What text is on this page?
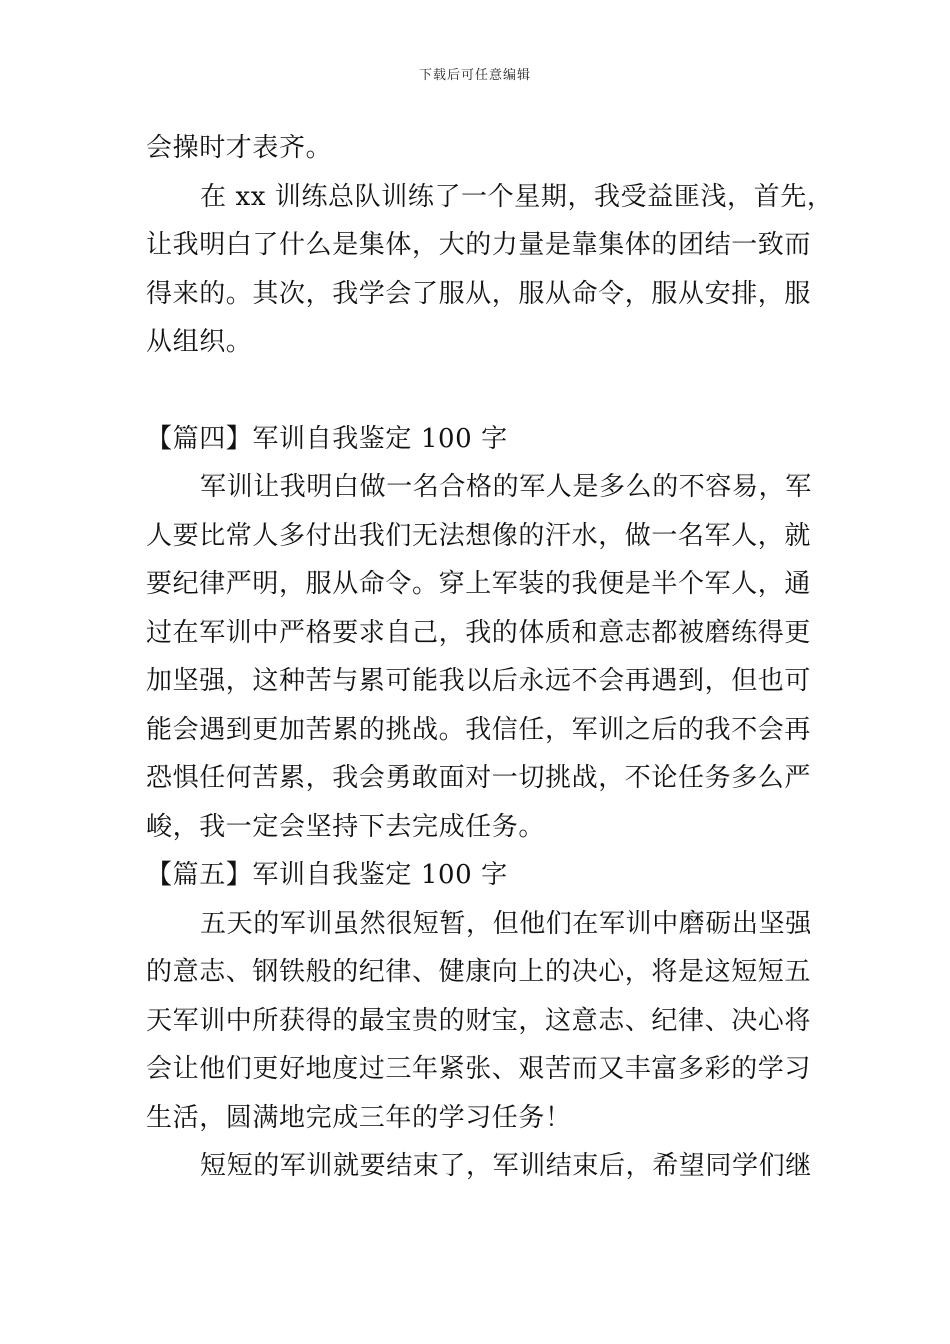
下载后可任意编辑
会操时才表齐。
在 xx 训练总队训练了一个星期，我受益匪浅，首先，
让我明白了什么是集体，大的力量是靠集体的团结一致而
得来的。其次，我学会了服从，服从命令，服从安排，服
从组织。
【篇四】军训自我鉴定 100 字
军训让我明白做一名合格的军人是多么的不容易，军
人要比常人多付出我们无法想像的汗水，做一名军人，就
要纪律严明，服从命令。穿上军装的我便是半个军人，通
过在军训中严格要求自己，我的体质和意志都被磨练得更
加坚强，这种苦与累可能我以后永远不会再遇到，但也可
能会遇到更加苦累的挑战。我信任，军训之后的我不会再
恐惧任何苦累，我会勇敢面对一切挑战，不论任务多么严
峻，我一定会坚持下去完成任务。
【篇五】军训自我鉴定 100 字
五天的军训虽然很短暂，但他们在军训中磨砺出坚强
的意志、钢铁般的纪律、健康向上的决心，将是这短短五
天军训中所获得的最宝贵的财宝，这意志、纪律、决心将
会让他们更好地度过三年紧张、艰苦而又丰富多彩的学习
生活，圆满地完成三年的学习任务！
短短的军训就要结束了，军训结束后，希望同学们继
